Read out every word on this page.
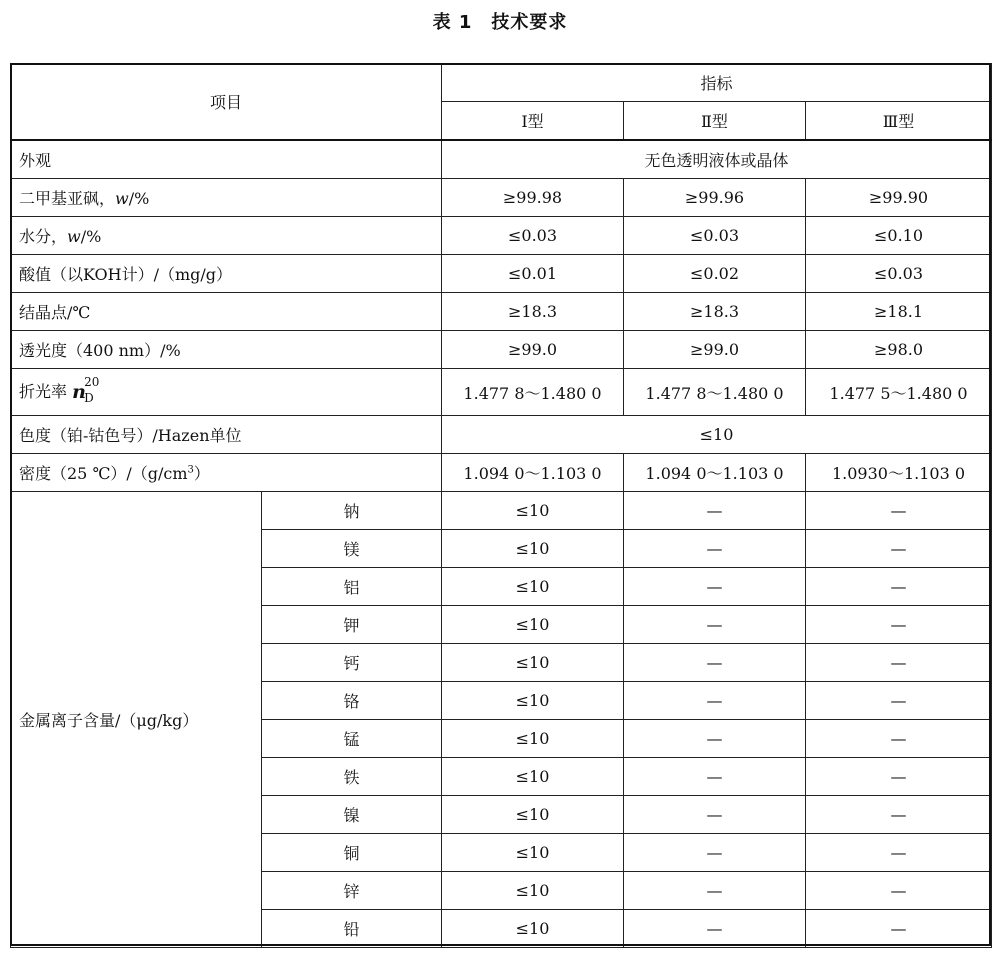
表 1　技术要求
项目		指标		
		Ⅰ型	Ⅱ型	Ⅲ型
外观		无色透明液体或晶体		
二甲基亚砜，w/%		≥99.98	≥99.96	≥99.90
水分，w/%		≤0.03	≤0.03	≤0.10
酸值（以KOH计）/（mg/g）		≤0.01	≤0.02	≤0.03
结晶点/℃		≥18.3	≥18.3	≥18.1
透光度（400 nm）/%		≥99.0	≥99.0	≥98.0
折光率 n
20
D		1.477 8～1.480 0	1.477 8～1.480 0	1.477 5～1.480 0
色度（铂-钴色号）/Hazen单位		≤10		
密度（25 $℃)/(g/cm^3)$		1.094 0～1.103 0	1.094 0～1.103 0	1.0930～1.103 0
金属离子含量/（μg/kg）	钠	≤10	—	—
	镁	≤10	—	—
	铝	≤10	—	—
	钾	≤10	—	—
	钙	≤10	—	—
	铬	≤10	—	—
	锰	≤10	—	—
	铁	≤10	—	—
	镍	≤10	—	—
	铜	≤10	—	—
	锌	≤10	—	—
	铅	≤10	—	—
